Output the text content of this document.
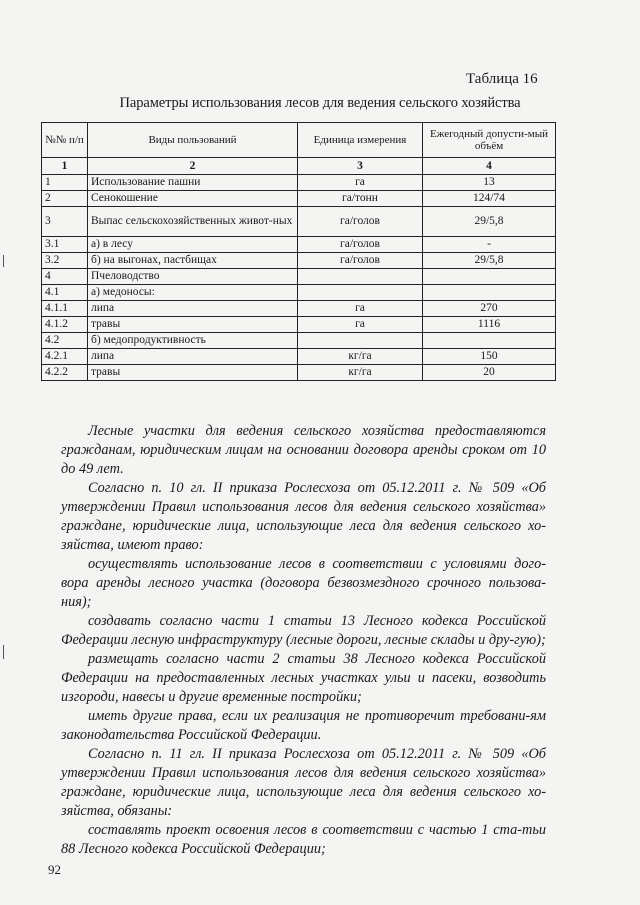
Таблица 16
Параметры использования лесов для ведения сельского хозяйства
№№ п/п	Виды пользований	Единица измерения	Ежегодный допусти-мый объём
1	2	3	4
1	Использование пашни	га	13
2	Сенокошение	га/тонн	124/74
3	Выпас сельскохозяйственных живот-ных	га/голов	29/5,8
3.1	а) в лесу	га/голов	-
3.2	б) на выгонах, пастбищах	га/голов	29/5,8
4	Пчеловодство		
4.1	а) медоносы:		
4.1.1	липа	га	270
4.1.2	травы	га	1116
4.2	б) медопродуктивность		
4.2.1	липа	кг/га	150
4.2.2	травы	кг/га	20

Лесные участки для ведения сельского хозяйства предоставляются гражданам, юридическим лицам на основании договора аренды сроком от 10 до 49 лет.

Согласно п. 10 гл. II приказа Рослесхоза от 05.12.2011 г. № 509 «Об утверждении Правил использования лесов для ведения сельского хозяйства» граждане, юридические лица, использующие леса для ведения сельского хо-зяйства, имеют право:

осуществлять использование лесов в соответствии с условиями дого-вора аренды лесного участка (договора безвозмездного срочного пользова-ния);

создавать согласно части 1 статьи 13 Лесного кодекса Российской Федерации лесную инфраструктуру (лесные дороги, лесные склады и дру-гую);

размещать согласно части 2 статьи 38 Лесного кодекса Российской Федерации на предоставленных лесных участках ульи и пасеки, возводить изгороди, навесы и другие временные постройки;

иметь другие права, если их реализация не противоречит требовани-ям законодательства Российской Федерации.

Согласно п. 11 гл. II приказа Рослесхоза от 05.12.2011 г. № 509 «Об утверждении Правил использования лесов для ведения сельского хозяйства» граждане, юридические лица, использующие леса для ведения сельского хо-зяйства, обязаны:

составлять проект освоения лесов в соответствии с частью 1 ста-тьи 88 Лесного кодекса Российской Федерации;

92
